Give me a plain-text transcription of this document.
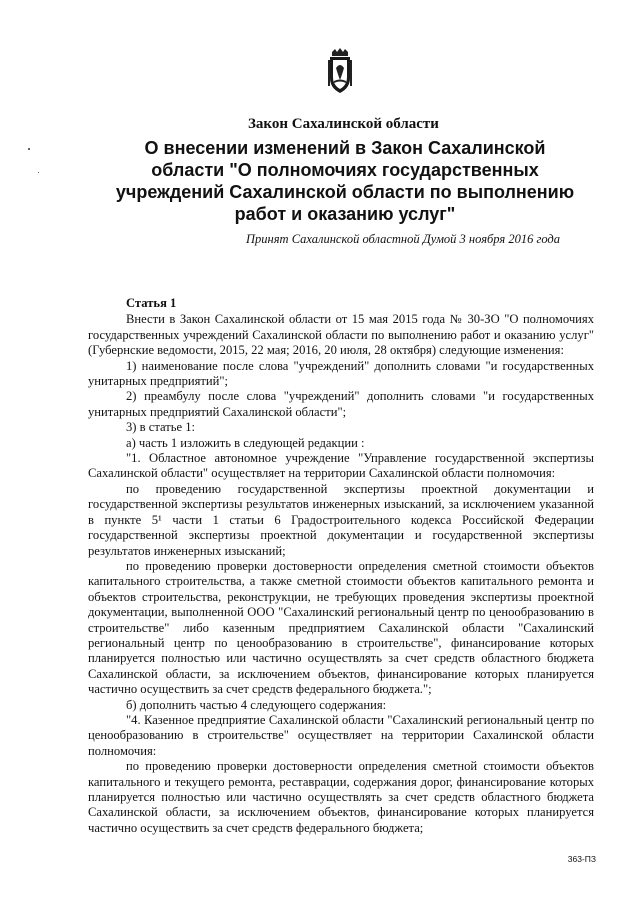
Закон Сахалинской области
О внесении изменений в Закон Сахалинской
области "О полномочиях государственных
учреждений Сахалинской области по выполнению
работ и оказанию услуг"
Принят Сахалинской областной Думой 3 ноября 2016 года

Статья 1

Внести в Закон Сахалинской области от 15 мая 2015 года № 30-ЗО "О полномочиях государственных учреждений Сахалинской области по выполнению работ и оказанию услуг" (Губернские ведомости, 2015, 22 мая; 2016, 20 июля, 28 октября) следующие изменения:

1) наименование после слова "учреждений" дополнить словами "и государственных унитарных предприятий";

2) преамбулу после слова "учреждений" дополнить словами "и государственных унитарных предприятий Сахалинской области";

3) в статье 1:

а) часть 1 изложить в следующей редакции :

"1. Областное автономное учреждение "Управление государственной экспертизы Сахалинской области" осуществляет на территории Сахалинской области полномочия:

по проведению государственной экспертизы проектной документации и государственной экспертизы результатов инженерных изысканий, за исключением указанной в пункте 5¹ части 1 статьи 6 Градостроительного кодекса Российской Федерации государственной экспертизы проектной документации и государственной экспертизы результатов инженерных изысканий;

по проведению проверки достоверности определения сметной стоимости объектов капитального строительства, а также сметной стоимости объектов капитального ремонта и объектов строительства, реконструкции, не требующих проведения экспертизы проектной документации, выполненной ООО "Сахалинский региональный центр по ценообразованию в строительстве" либо казенным предприятием Сахалинской области "Сахалинский региональный центр по ценообразованию в строительстве", финансирование которых планируется полностью или частично осуществлять за счет средств областного бюджета Сахалинской области, за исключением объектов, финансирование которых планируется частично осуществить за счет средств федерального бюджета.";

б) дополнить частью 4 следующего содержания:

"4. Казенное предприятие Сахалинской области "Сахалинский региональный центр по ценообразованию в строительстве" осуществляет на территории Сахалинской области полномочия:

по проведению проверки достоверности определения сметной стоимости объектов капитального и текущего ремонта, реставрации, содержания дорог, финансирование которых планируется полностью или частично осуществлять за счет средств областного бюджета Сахалинской области, за исключением объектов, финансирование которых планируется частично осуществить за счет средств федерального бюджета;

363-ПЗ
